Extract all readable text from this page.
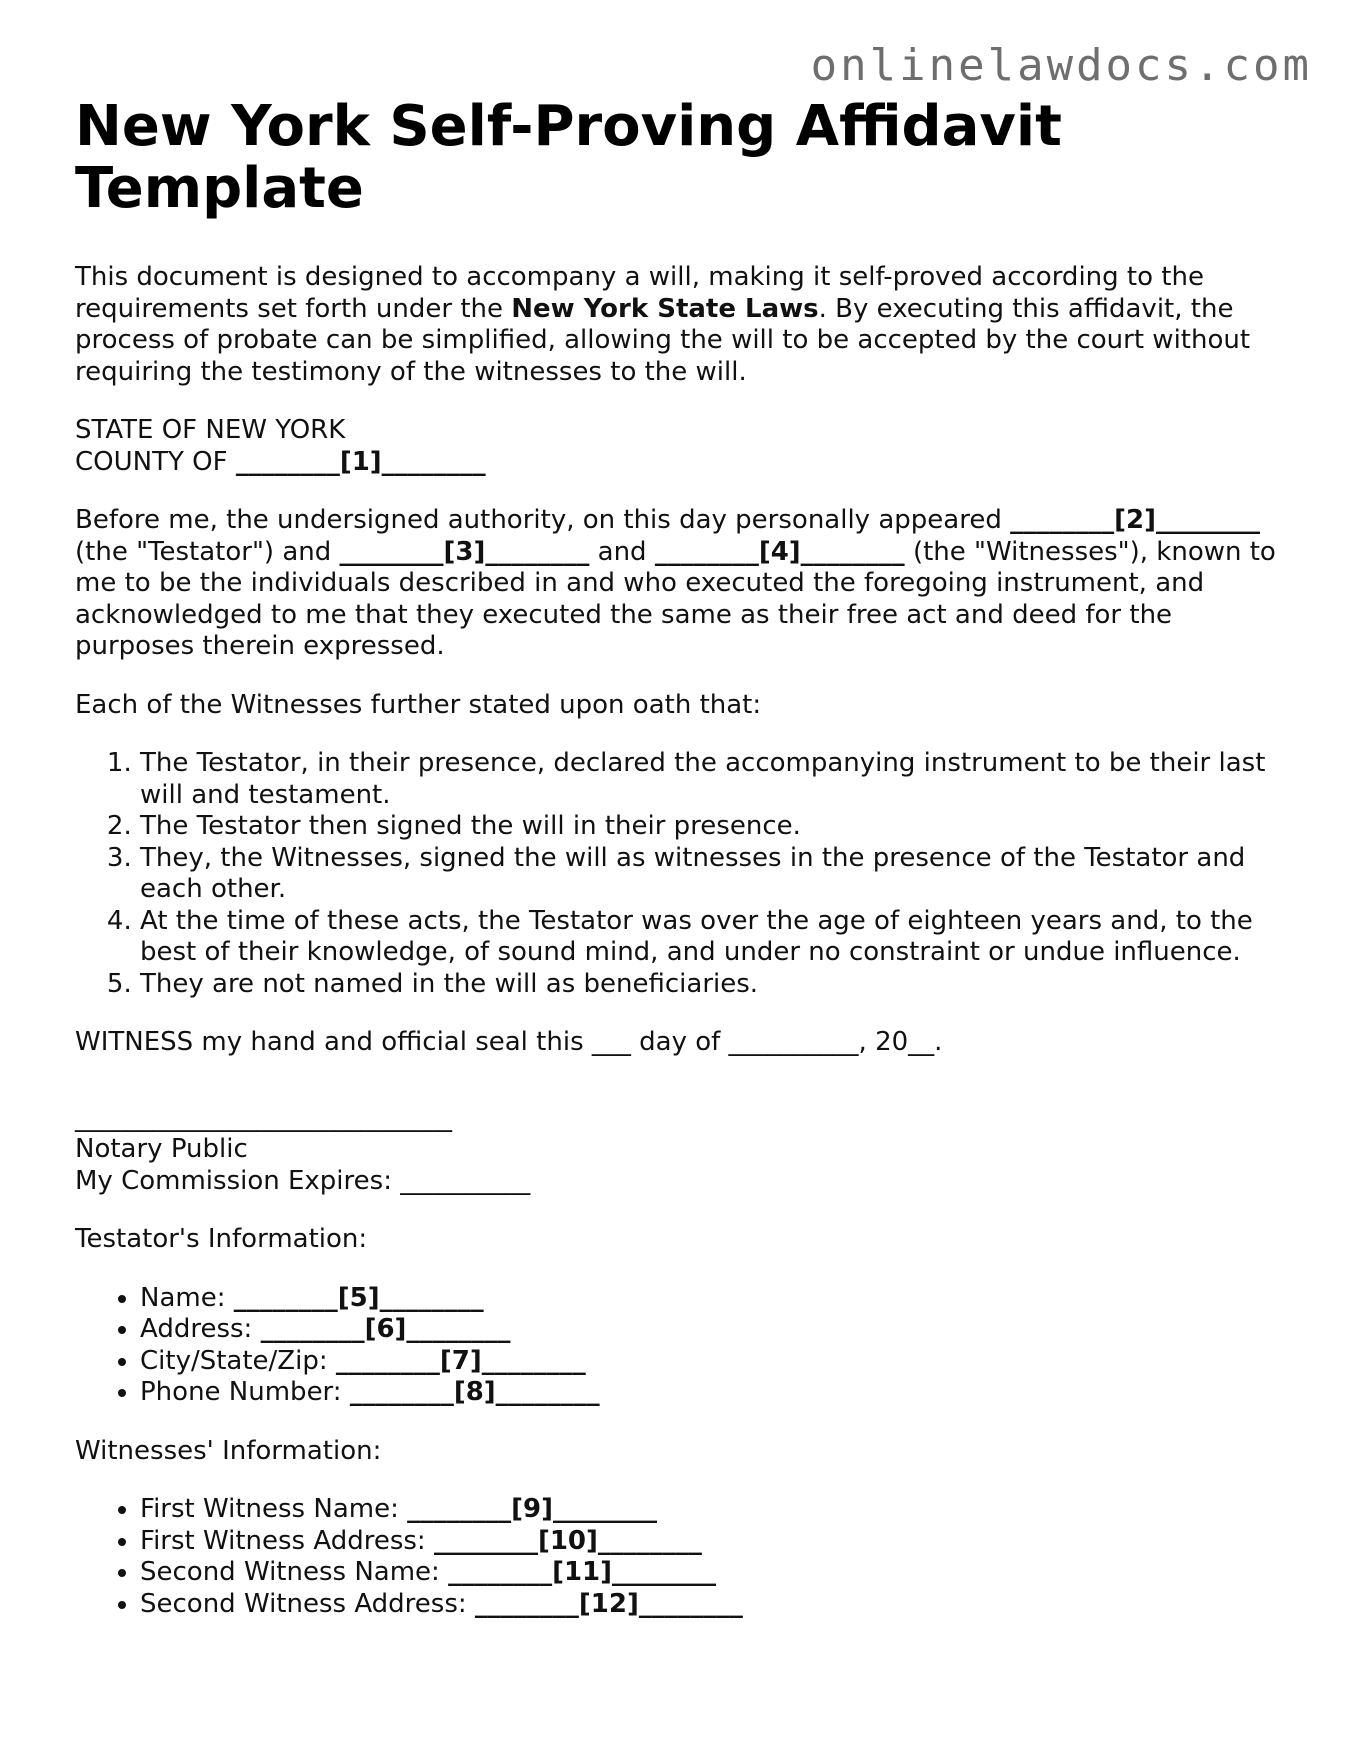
onlinelawdocs.com
New York Self-Proving Affidavit Template

This document is designed to accompany a will, making it self-proved according to the requirements set forth under the New York State Laws. By executing this affidavit, the process of probate can be simplified, allowing the will to be accepted by the court without requiring the testimony of the witnesses to the will.

STATE OF NEW YORK
COUNTY OF ________[1]________

Before me, the undersigned authority, on this day personally appeared ________[2]________ (the "Testator") and ________[3]________ and ________[4]________ (the "Witnesses"), known to me to be the individuals described in and who executed the foregoing instrument, and acknowledged to me that they executed the same as their free act and deed for the purposes therein expressed.

Each of the Witnesses further stated upon oath that:

1. The Testator, in their presence, declared the accompanying instrument to be their last will and testament.
2. The Testator then signed the will in their presence.
3. They, the Witnesses, signed the will as witnesses in the presence of the Testator and each other.
4. At the time of these acts, the Testator was over the age of eighteen years and, to the best of their knowledge, of sound mind, and under no constraint or undue influence.
5. They are not named in the will as beneficiaries.

WITNESS my hand and official seal this ___ day of __________, 20__.

_____________________________
Notary Public
My Commission Expires: __________

Testator's Information:

• Name: ________[5]________
• Address: ________[6]________
• City/State/Zip: ________[7]________
• Phone Number: ________[8]________

Witnesses' Information:

• First Witness Name: ________[9]________
• First Witness Address: ________[10]________
• Second Witness Name: ________[11]________
• Second Witness Address: ________[12]________
